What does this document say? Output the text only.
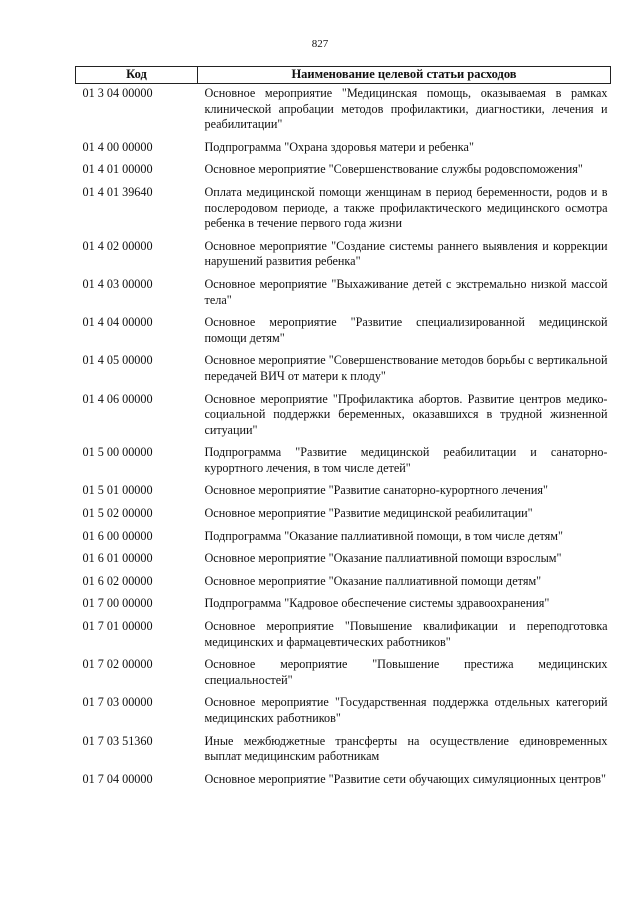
827
Код	Наименование целевой статьи расходов
01 3 04 00000	Основное мероприятие "Медицинская помощь, оказываемая в рамках клинической апробации методов профилактики, диагностики, лечения и реабилитации"
01 4 00 00000	Подпрограмма "Охрана здоровья матери и ребенка"
01 4 01 00000	Основное мероприятие "Совершенствование службы родовспоможения"
01 4 01 39640	Оплата медицинской помощи женщинам в период беременности, родов и в послеродовом периоде, а также профилактического медицинского осмотра ребенка в течение первого года жизни
01 4 02 00000	Основное мероприятие "Создание системы раннего выявления и коррекции нарушений развития ребенка"
01 4 03 00000	Основное мероприятие "Выхаживание детей с экстремально низкой массой тела"
01 4 04 00000	Основное мероприятие "Развитие специализированной медицинской помощи детям"
01 4 05 00000	Основное мероприятие "Совершенствование методов борьбы с вертикальной передачей ВИЧ от матери к плоду"
01 4 06 00000	Основное мероприятие "Профилактика абортов. Развитие центров медико-социальной поддержки беременных, оказавшихся в трудной жизненной ситуации"
01 5 00 00000	Подпрограмма "Развитие медицинской реабилитации и санаторно-курортного лечения, в том числе детей"
01 5 01 00000	Основное мероприятие "Развитие санаторно-курортного лечения"
01 5 02 00000	Основное мероприятие "Развитие медицинской реабилитации"
01 6 00 00000	Подпрограмма "Оказание паллиативной помощи, в том числе детям"
01 6 01 00000	Основное мероприятие "Оказание паллиативной помощи взрослым"
01 6 02 00000	Основное мероприятие "Оказание паллиативной помощи детям"
01 7 00 00000	Подпрограмма "Кадровое обеспечение системы здравоохранения"
01 7 01 00000	Основное мероприятие "Повышение квалификации и переподготовка медицинских и фармацевтических работников"
01 7 02 00000	Основное мероприятие "Повышение престижа медицинских специальностей"
01 7 03 00000	Основное мероприятие "Государственная поддержка отдельных категорий медицинских работников"
01 7 03 51360	Иные межбюджетные трансферты на осуществление единовременных выплат медицинским работникам
01 7 04 00000	Основное мероприятие "Развитие сети обучающих симуляционных центров"
